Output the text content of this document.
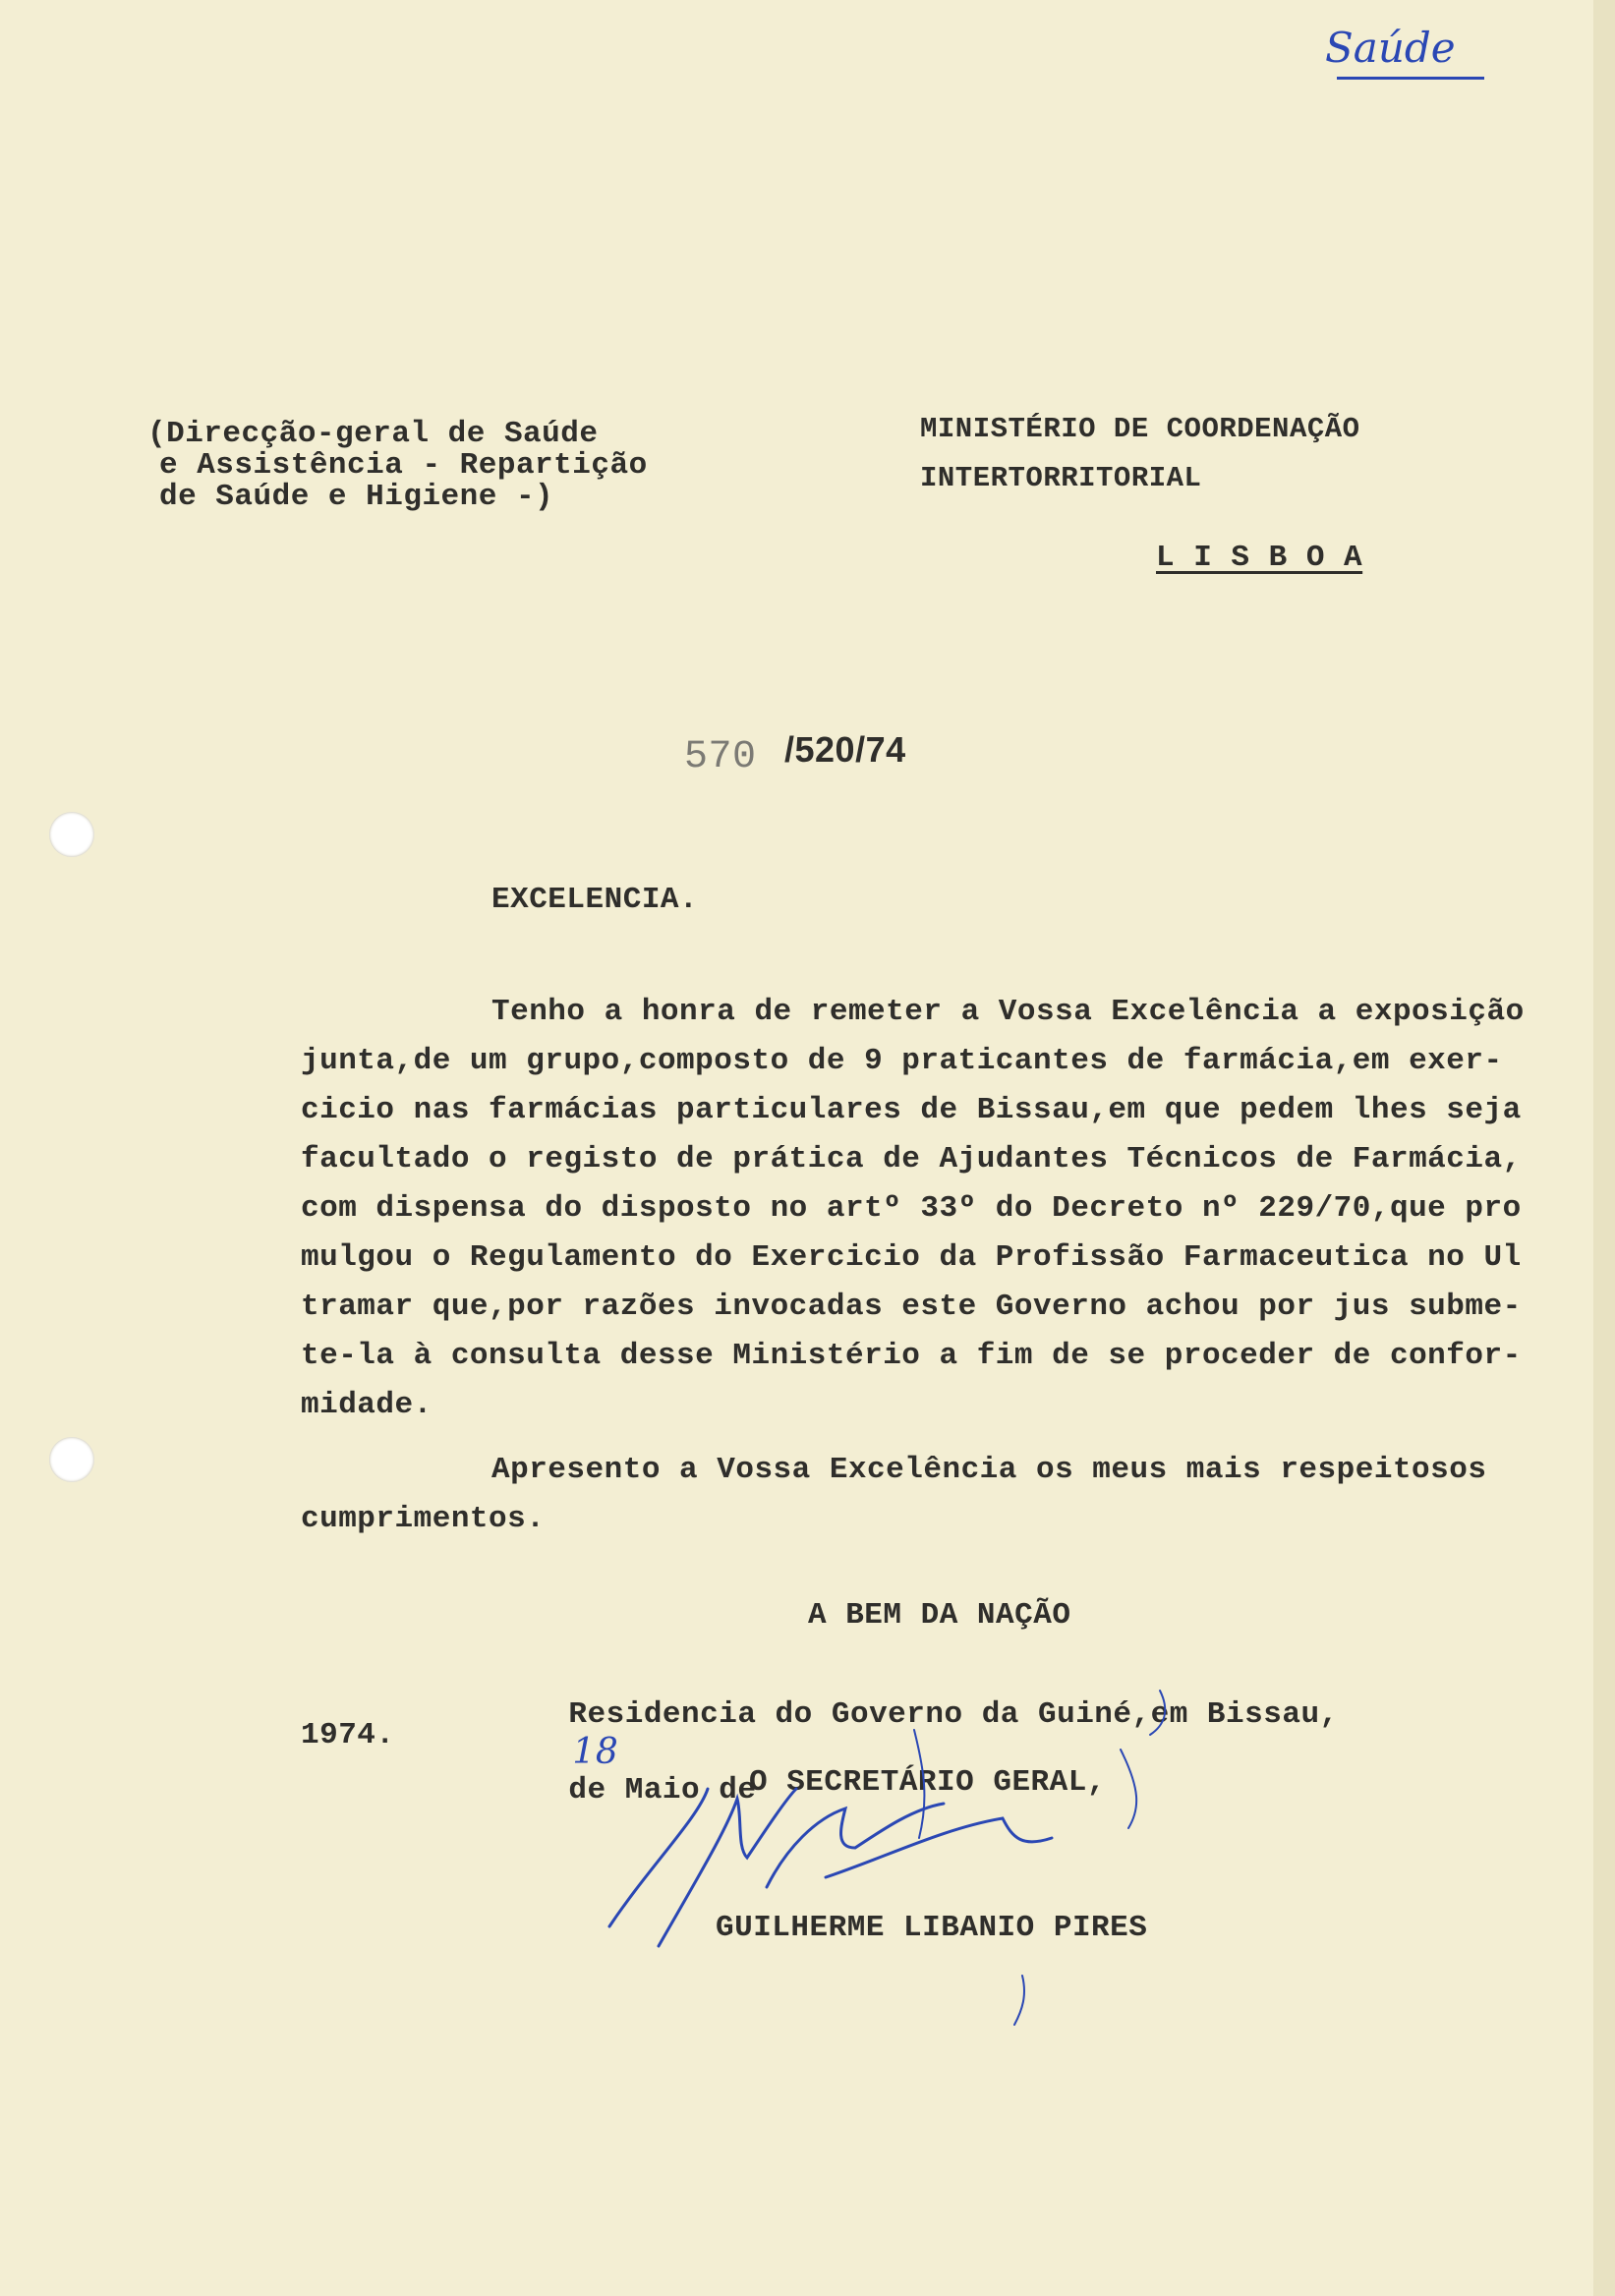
Saúde
(Direcção-geral de Saúde
e Assistência - Repartição
de Saúde e Higiene -)
MINISTÉRIO DE COORDENAÇÃO
INTERTORRITORIAL
L I S B O A
570 /520/74
EXCELENCIA.
Tenho a honra de remeter a Vossa Excelência a exposição
junta,de um grupo,composto de 9 praticantes de farmácia,em exer-
cicio nas farmácias particulares de Bissau,em que pedem lhes seja
facultado o registo de prática de Ajudantes Técnicos de Farmácia,
com dispensa do disposto no artº 33º do Decreto nº 229/70,que pro
mulgou o Regulamento do Exercicio da Profissão Farmaceutica no Ul
tramar que,por razões invocadas este Governo achou por jus subme-
te-la à consulta desse Ministério a fim de se proceder de confor-
midade.
Apresento a Vossa Excelência os meus mais respeitosos
cumprimentos.
A BEM DA NAÇÃO

Residencia do Governo da Guiné,em Bissau,
18
de Maio de

1974.
O SECRETÁRIO GERAL,
GUILHERME LIBANIO PIRES
